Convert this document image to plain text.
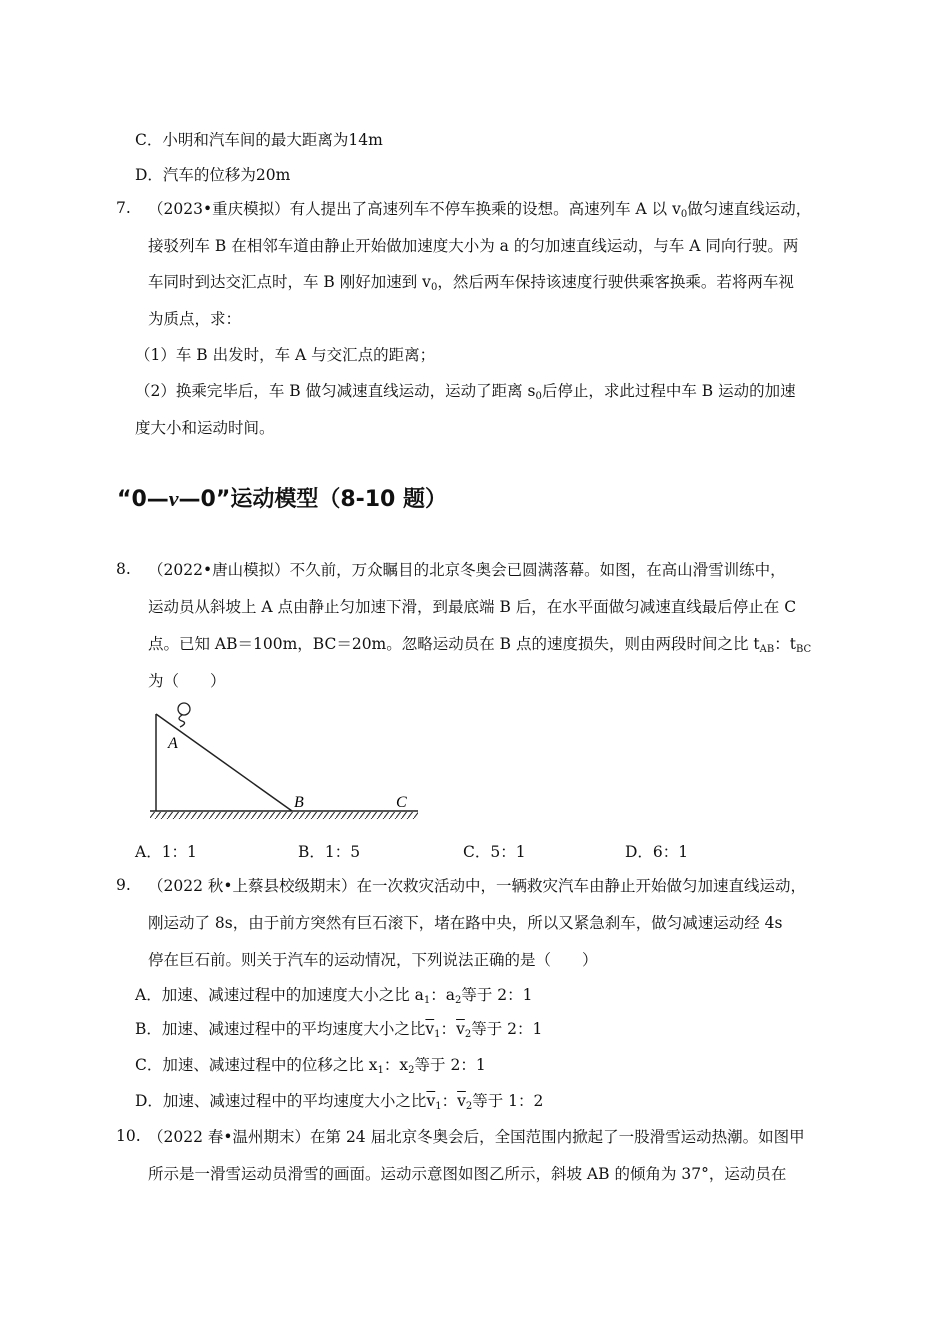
C．小明和汽车间的最大距离为14m
D．汽车的位移为20m
7. （2023•重庆模拟）有人提出了高速列车不停车换乘的设想。高速列车 A 以 $v_0$做匀速直线运动，
接驳列车 B 在相邻车道由静止开始做加速度大小为 a 的匀加速直线运动，与车 A 同向行驶。两
车同时到达交汇点时，车 B 刚好加速到 $v_0$，然后两车保持该速度行驶供乘客换乘。若将两车视
为质点，求：
（1）车 B 出发时，车 A 与交汇点的距离；
（2）换乘完毕后，车 B 做匀减速直线运动，运动了距离 $s_0$后停止，求此过程中车 B 运动的加速
度大小和运动时间。
“0—v—0”运动模型（8-10 题）
8. （2022•唐山模拟）不久前，万众瞩目的北京冬奥会已圆满落幕。如图，在高山滑雪训练中，
运动员从斜坡上 A 点由静止匀加速下滑，到最底端 B 后，在水平面做匀减速直线最后停止在 C
点。已知 AB＝100m，BC＝20m。忽略运动员在 B 点的速度损失，则由两段时间之比 $t_{AB}$：$t_{BC}$
为（　　）
A
B	C
A．1：1	B．1：5	C．5：1	D．6：1
9. （2022 秋•上蔡县校级期末）在一次救灾活动中，一辆救灾汽车由静止开始做匀加速直线运动，
刚运动了 8s，由于前方突然有巨石滚下，堵在路中央，所以又紧急刹车，做匀减速运动经 4s
停在巨石前。则关于汽车的运动情况，下列说法正确的是（　　）
A．加速、减速过程中的加速度大小之比 $a_1$：$a_2$等于 2：1
B．加速、减速过程中的平均速度大小之比$\overline{v}_1$：$\overline{v}_2$等于 2：1
C．加速、减速过程中的位移之比 $x_1$：$x_2$等于 2：1
D．加速、减速过程中的平均速度大小之比$\overline{v}_1$：$\overline{v}_2$等于 1：2
10. （2022 春•温州期末）在第 24 届北京冬奥会后，全国范围内掀起了一股滑雪运动热潮。如图甲
所示是一滑雪运动员滑雪的画面。运动示意图如图乙所示，斜坡 AB 的倾角为 37°，运动员在
